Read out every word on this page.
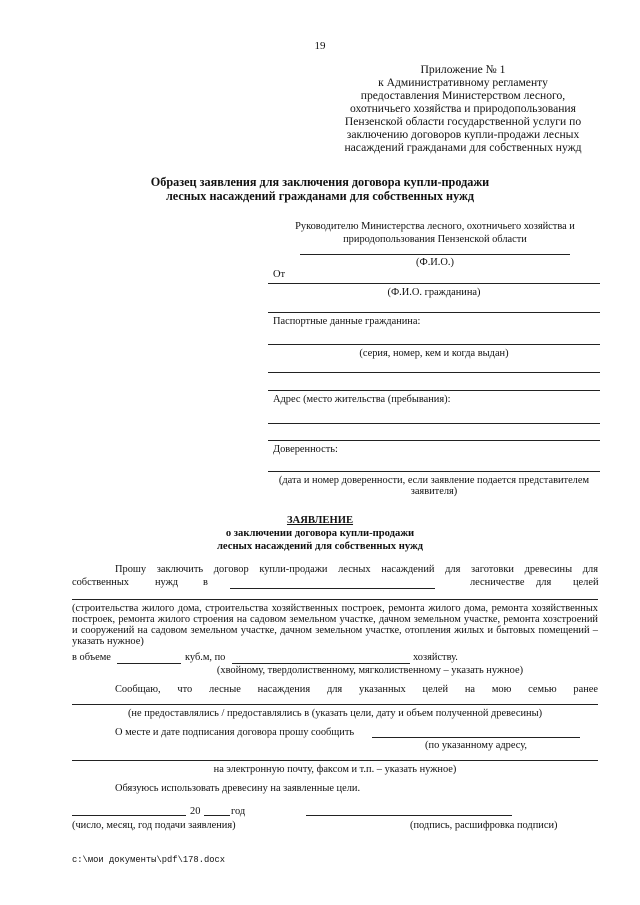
19
Приложение № 1
к Административному регламенту
предоставления Министерством лесного,
охотничьего хозяйства и природопользования
Пензенской области государственной услуги по
заключению договоров купли-продажи лесных
насаждений гражданами для собственных нужд
Образец заявления для заключения договора купли-продажи
лесных насаждений гражданами для собственных нужд
Руководителю Министерства лесного, охотничьего хозяйства и
природопользования Пензенской области
(Ф.И.О.)
От
(Ф.И.О. гражданина)
Паспортные данные гражданина:
(серия, номер, кем и когда выдан)
Адрес (место жительства (пребывания):
Доверенность:
(дата и номер доверенности, если заявление подается представителем
заявителя)
ЗАЯВЛЕНИЕ
о заключении договора купли-продажи
лесных насаждений для собственных нужд
Прошу заключить договор купли-продажи лесных насаждений для заготовки древесины для
собственных нужд в	лесничестве для целей
(строительства жилого дома, строительства хозяйственных построек, ремонта жилого дома, ремонта хозяйственных построек, ремонта жилого строения на садовом земельном участке, дачном земельном участке, ремонта хозстроений и сооружений на садовом земельном участке, дачном земельном участке, отопления жилых и бытовых помещений – указать нужное)
в объеме	куб.м, по	хозяйству.
(хвойному, твердолиственному, мягколиственному – указать нужное)
Сообщаю, что лесные насаждения для указанных целей на мою семью ранее
(не предоставлялись / предоставлялись в (указать цели, дату и объем полученной древесины)
О месте и дате подписания договора прошу сообщить
(по указанному адресу,
на электронную почту, факсом и т.п. – указать нужное)
Обязуюсь использовать древесину на заявленные цели.
20	год
(число, месяц, год подачи заявления)	(подпись, расшифровка подписи)
c:\мои документы\pdf\178.docx
